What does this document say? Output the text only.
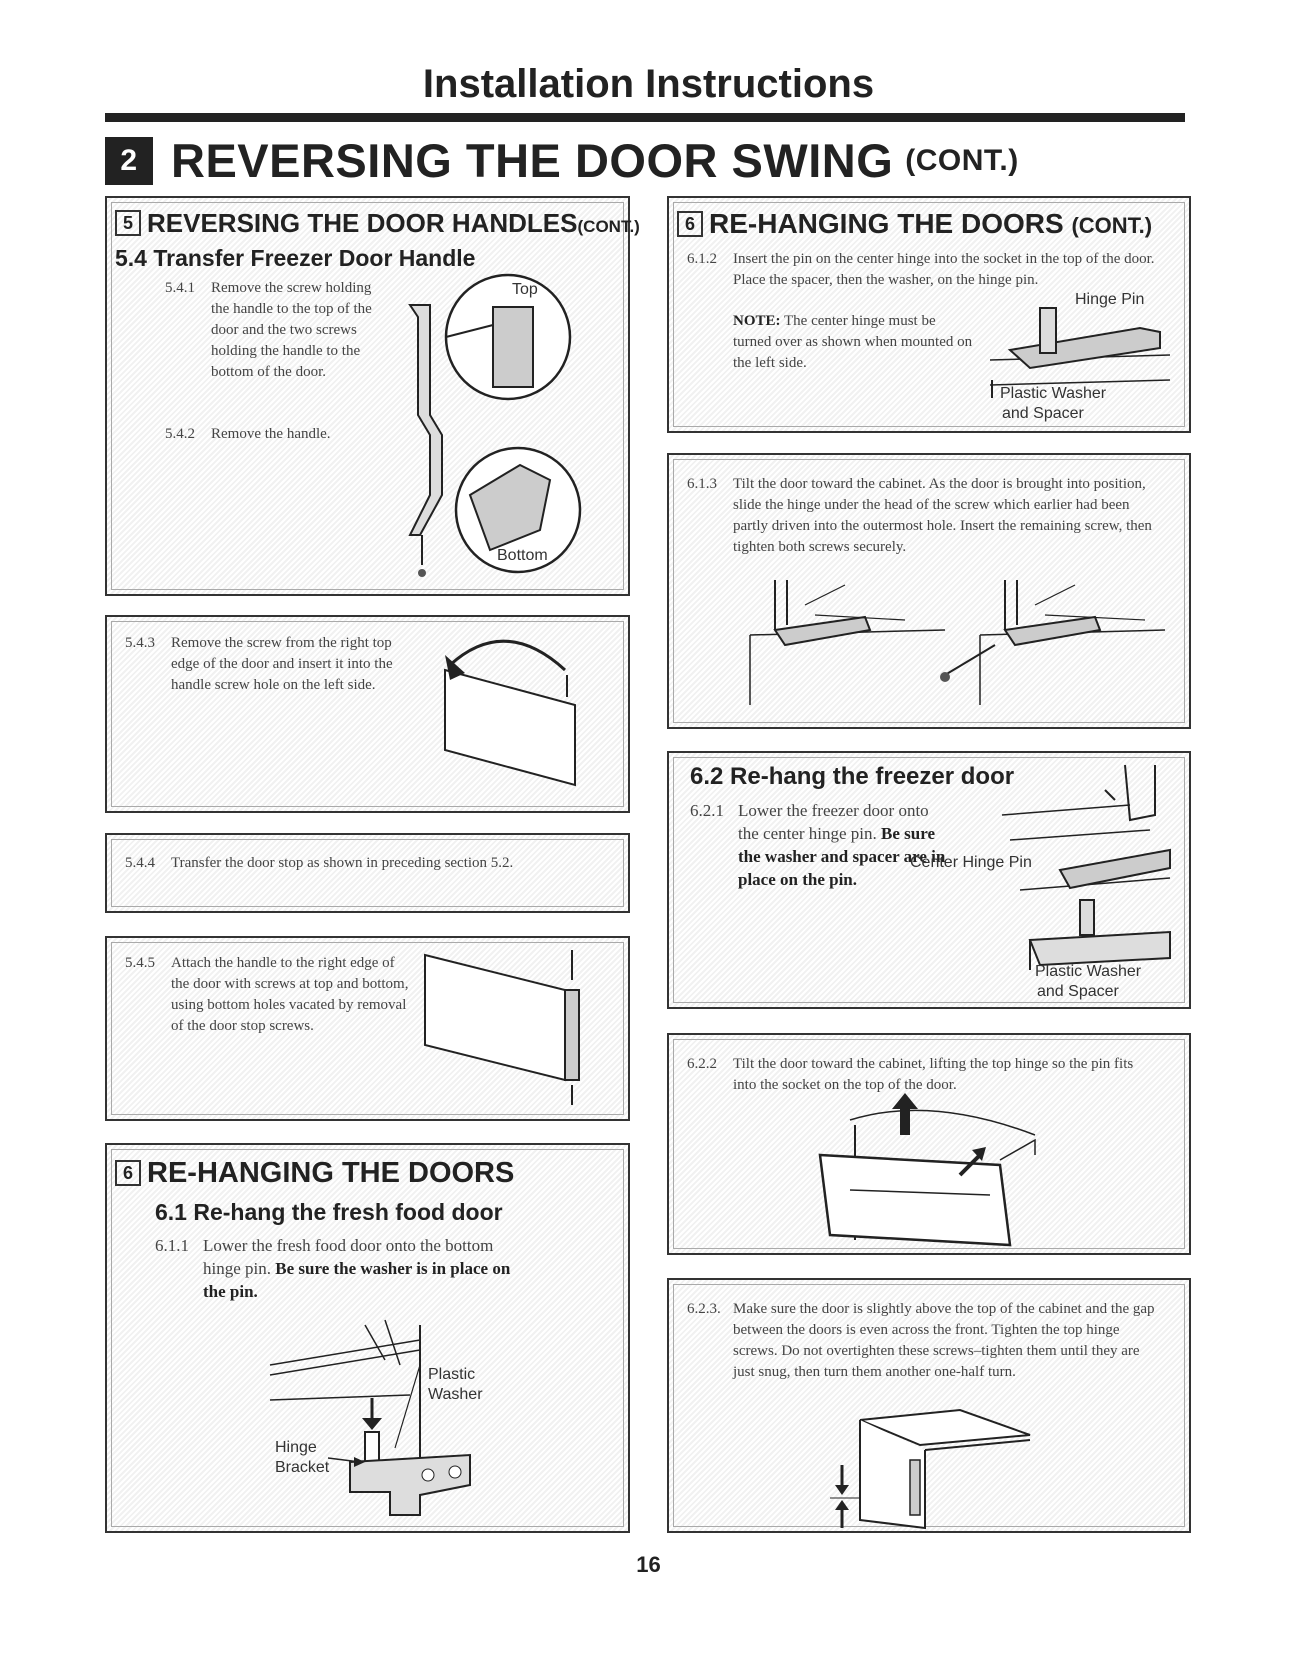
Installation Instructions
2 REVERSING THE DOOR SWING (CONT.)
5 REVERSING THE DOOR HANDLES(CONT.)
5.4 Transfer Freezer Door Handle
5.4.1	Remove the screw holding the handle to the top of the door and the two screws holding the handle to the bottom of the door.
5.4.2	Remove the handle.
Top
Bottom
5.4.3	Remove the screw from the right top edge of the door and insert it into the handle screw hole on the left side.
5.4.4	Transfer the door stop as shown in preceding section 5.2.
5.4.5	Attach the handle to the right edge of the door with screws at top and bottom, using bottom holes vacated by removal of the door stop screws.
6 RE-HANGING THE DOORS
6.1 Re-hang the fresh food door
6.1.1 Lower the fresh food door onto the bottom hinge pin. Be sure the washer is in place on the pin.
Plastic
Washer
Hinge
Bracket
6 RE-HANGING THE DOORS (CONT.)
6.1.2	Insert the pin on the center hinge into the socket in the top of the door. Place the spacer, then the washer, on the hinge pin.
NOTE: The center hinge must be turned over as shown when mounted on the left side.
Hinge Pin
Plastic Washer
and Spacer
6.1.3	Tilt the door toward the cabinet. As the door is brought into position, slide the hinge under the head of the screw which earlier had been partly driven into the outermost hole. Insert the remaining screw, then tighten both screws securely.
6.2 Re-hang the freezer door
6.2.1 Lower the freezer door onto the center hinge pin. Be sure the washer and spacer are in place on the pin.
Center Hinge Pin
Plastic Washer
and Spacer
6.2.2	Tilt the door toward the cabinet, lifting the top hinge so the pin fits into the socket on the top of the door.
6.2.3. Make sure the door is slightly above the top of the cabinet and the gap between the doors is even across the front. Tighten the top hinge screws. Do not overtighten these screws–tighten them until they are just snug, then turn them another one-half turn.
16
